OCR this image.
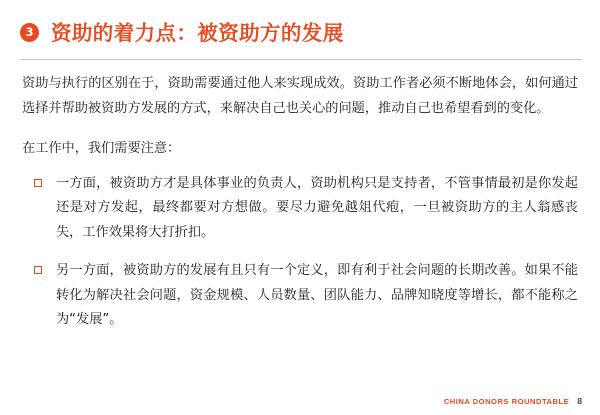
3 资助的着力点：被资助方的发展

资助与执行的区别在于，资助需要通过他人来实现成效。资助工作者必须不断地体会，如何通过选择并帮助被资助方发展的方式，来解决自己也关心的问题，推动自己也希望看到的变化。

在工作中，我们需要注意：

一方面，被资助方才是具体事业的负责人，资助机构只是支持者，不管事情最初是你发起还是对方发起，最终都要对方想做。要尽力避免越俎代疱，一旦被资助方的主人翁感丧失，工作效果将大打折扣。
另一方面，被资助方的发展有且只有一个定义，即有利于社会问题的长期改善。如果不能转化为解决社会问题，资金规模、人员数量、团队能力、品牌知晓度等增长，都不能称之为“发展”。
CHINA DONORS ROUNDTABLE 8
